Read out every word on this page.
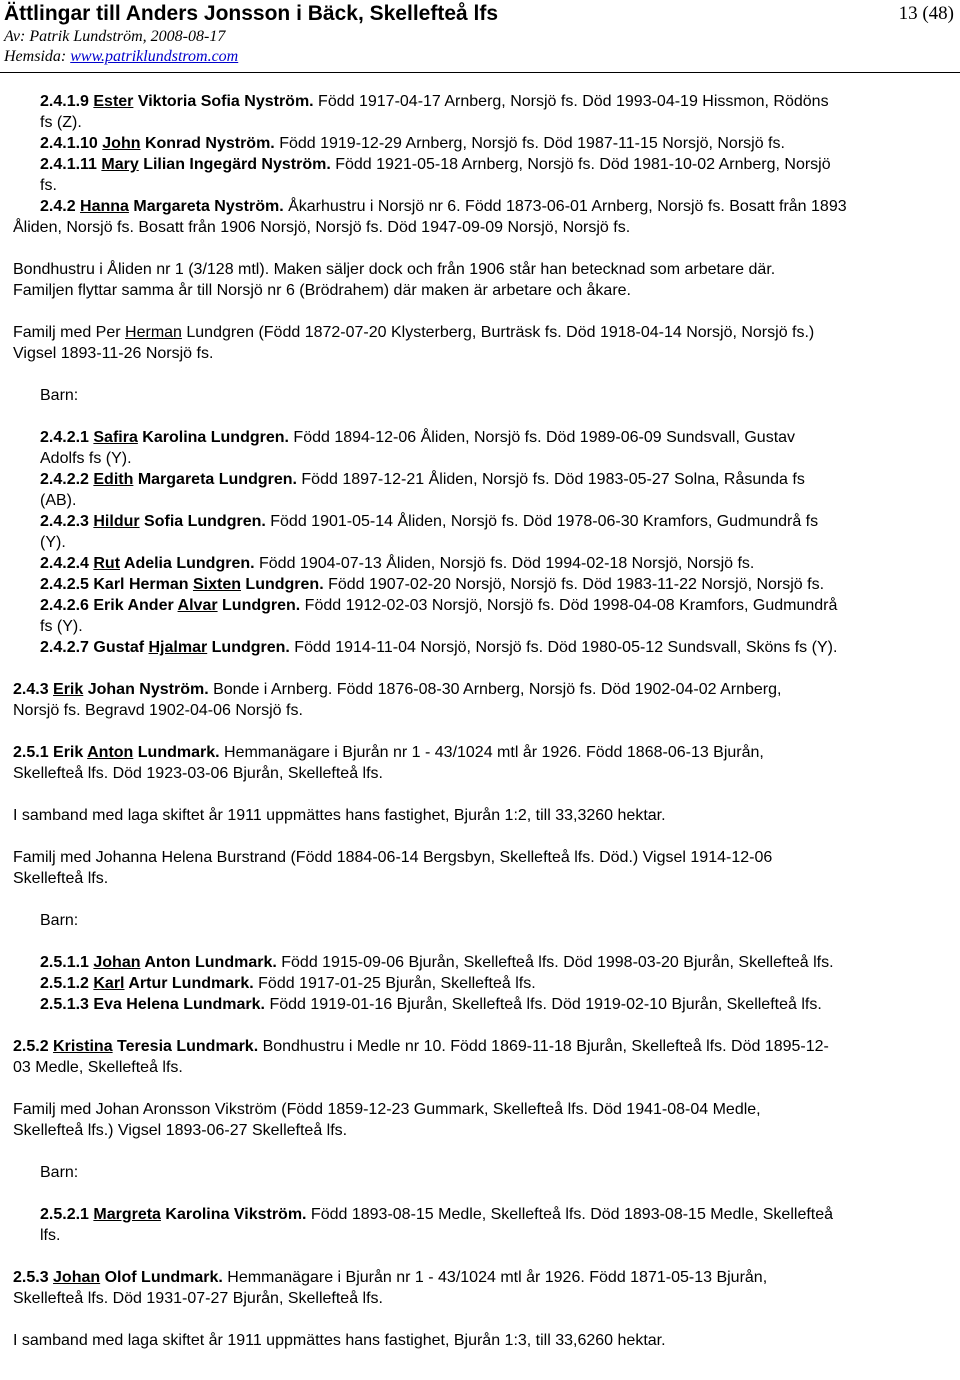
Ättlingar till Anders Jonsson i Bäck, Skellefteå lfs	13 (48)
Av: Patrik Lundström, 2008-08-17
Hemsida: www.patriklundstrom.com
2.4.1.9 Ester Viktoria Sofia Nyström. Född 1917-04-17 Arnberg, Norsjö fs. Död 1993-04-19 Hissmon, Rödöns
fs (Z).
2.4.1.10 John Konrad Nyström. Född 1919-12-29 Arnberg, Norsjö fs. Död 1987-11-15 Norsjö, Norsjö fs.
2.4.1.11 Mary Lilian Ingegärd Nyström. Född 1921-05-18 Arnberg, Norsjö fs. Död 1981-10-02 Arnberg, Norsjö
fs.
2.4.2 Hanna Margareta Nyström. Åkarhustru i Norsjö nr 6. Född 1873-06-01 Arnberg, Norsjö fs. Bosatt från 1893
Åliden, Norsjö fs. Bosatt från 1906 Norsjö, Norsjö fs. Död 1947-09-09 Norsjö, Norsjö fs.
Bondhustru i Åliden nr 1 (3/128 mtl). Maken säljer dock och från 1906 står han betecknad som arbetare där.
Familjen flyttar samma år till Norsjö nr 6 (Brödrahem) där maken är arbetare och åkare.
Familj med Per Herman Lundgren (Född 1872-07-20 Klysterberg, Burträsk fs. Död 1918-04-14 Norsjö, Norsjö fs.)
Vigsel 1893-11-26 Norsjö fs.
Barn:
2.4.2.1 Safira Karolina Lundgren. Född 1894-12-06 Åliden, Norsjö fs. Död 1989-06-09 Sundsvall, Gustav
Adolfs fs (Y).
2.4.2.2 Edith Margareta Lundgren. Född 1897-12-21 Åliden, Norsjö fs. Död 1983-05-27 Solna, Råsunda fs
(AB).
2.4.2.3 Hildur Sofia Lundgren. Född 1901-05-14 Åliden, Norsjö fs. Död 1978-06-30 Kramfors, Gudmundrå fs
(Y).
2.4.2.4 Rut Adelia Lundgren. Född 1904-07-13 Åliden, Norsjö fs. Död 1994-02-18 Norsjö, Norsjö fs.
2.4.2.5 Karl Herman Sixten Lundgren. Född 1907-02-20 Norsjö, Norsjö fs. Död 1983-11-22 Norsjö, Norsjö fs.
2.4.2.6 Erik Ander Alvar Lundgren. Född 1912-02-03 Norsjö, Norsjö fs. Död 1998-04-08 Kramfors, Gudmundrå
fs (Y).
2.4.2.7 Gustaf Hjalmar Lundgren. Född 1914-11-04 Norsjö, Norsjö fs. Död 1980-05-12 Sundsvall, Sköns fs (Y).
2.4.3 Erik Johan Nyström. Bonde i Arnberg. Född 1876-08-30 Arnberg, Norsjö fs. Död 1902-04-02 Arnberg,
Norsjö fs. Begravd 1902-04-06 Norsjö fs.
2.5.1 Erik Anton Lundmark. Hemmanägare i Bjurån nr 1 - 43/1024 mtl år 1926. Född 1868-06-13 Bjurån,
Skellefteå lfs. Död 1923-03-06 Bjurån, Skellefteå lfs.
I samband med laga skiftet år 1911 uppmättes hans fastighet, Bjurån 1:2, till 33,3260 hektar.
Familj med Johanna Helena Burstrand (Född 1884-06-14 Bergsbyn, Skellefteå lfs. Död.) Vigsel 1914-12-06
Skellefteå lfs.
Barn:
2.5.1.1 Johan Anton Lundmark. Född 1915-09-06 Bjurån, Skellefteå lfs. Död 1998-03-20 Bjurån, Skellefteå lfs.
2.5.1.2 Karl Artur Lundmark. Född 1917-01-25 Bjurån, Skellefteå lfs.
2.5.1.3 Eva Helena Lundmark. Född 1919-01-16 Bjurån, Skellefteå lfs. Död 1919-02-10 Bjurån, Skellefteå lfs.
2.5.2 Kristina Teresia Lundmark. Bondhustru i Medle nr 10. Född 1869-11-18 Bjurån, Skellefteå lfs. Död 1895-12-
03 Medle, Skellefteå lfs.
Familj med Johan Aronsson Vikström (Född 1859-12-23 Gummark, Skellefteå lfs. Död 1941-08-04 Medle,
Skellefteå lfs.) Vigsel 1893-06-27 Skellefteå lfs.
Barn:
2.5.2.1 Margreta Karolina Vikström. Född 1893-08-15 Medle, Skellefteå lfs. Död 1893-08-15 Medle, Skellefteå
lfs.
2.5.3 Johan Olof Lundmark. Hemmanägare i Bjurån nr 1 - 43/1024 mtl år 1926. Född 1871-05-13 Bjurån,
Skellefteå lfs. Död 1931-07-27 Bjurån, Skellefteå lfs.
I samband med laga skiftet år 1911 uppmättes hans fastighet, Bjurån 1:3, till 33,6260 hektar.
